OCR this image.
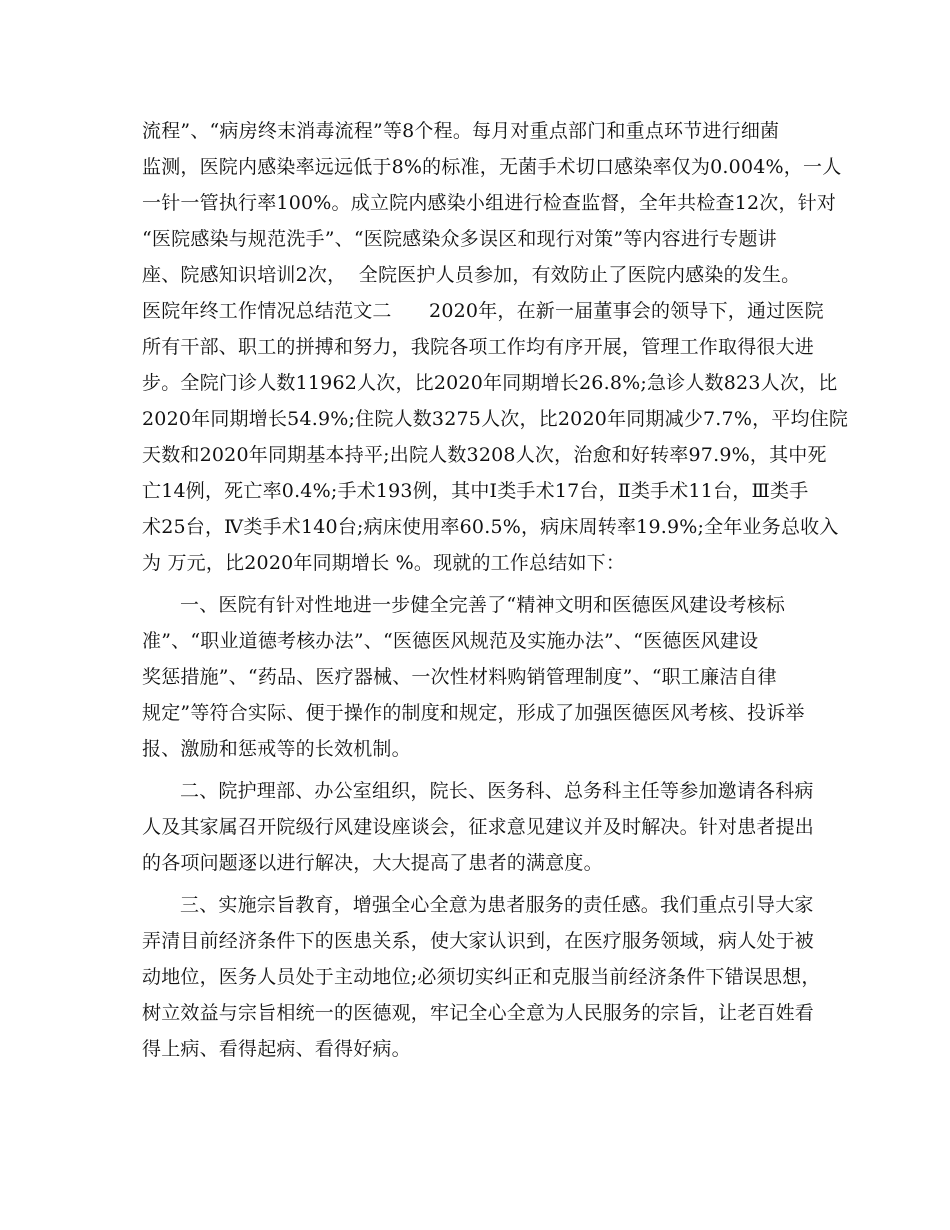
流程”、“病房终末消毒流程”等8个程。每月对重点部门和重点环节进行细菌
监测，医院内感染率远远低于8%的标准，无菌手术切口感染率仅为0.004%，一人
一针一管执行率100%。成立院内感染小组进行检查监督，全年共检查12次，针对
“医院感染与规范洗手”、“医院感染众多误区和现行对策”等内容进行专题讲
座、院感知识培训2次，  全院医护人员参加，有效防止了医院内感染的发生。
医院年终工作情况总结范文二      2020年，在新一届董事会的领导下，通过医院
所有干部、职工的拼搏和努力，我院各项工作均有序开展，管理工作取得很大进
步。全院门诊人数11962人次，比2020年同期增长26.8%;急诊人数823人次，比
2020年同期增长54.9%;住院人数3275人次，比2020年同期减少7.7%，平均住院
天数和2020年同期基本持平;出院人数3208人次，治愈和好转率97.9%，其中死
亡14例，死亡率0.4%;手术193例，其中Ⅰ类手术17台，Ⅱ类手术11台，Ⅲ类手
术25台，Ⅳ类手术140台;病床使用率60.5%，病床周转率19.9%;全年业务总收入
为 万元，比2020年同期增长 %。现就的工作总结如下：
一、医院有针对性地进一步健全完善了“精神文明和医德医风建设考核标
准”、“职业道德考核办法”、“医德医风规范及实施办法”、“医德医风建设
奖惩措施”、“药品、医疗器械、一次性材料购销管理制度”、“职工廉洁自律
规定”等符合实际、便于操作的制度和规定，形成了加强医德医风考核、投诉举
报、激励和惩戒等的长效机制。
二、院护理部、办公室组织，院长、医务科、总务科主任等参加邀请各科病
人及其家属召开院级行风建设座谈会，征求意见建议并及时解决。针对患者提出
的各项问题逐以进行解决，大大提高了患者的满意度。
三、实施宗旨教育，增强全心全意为患者服务的责任感。我们重点引导大家
弄清目前经济条件下的医患关系，使大家认识到，在医疗服务领域，病人处于被
动地位，医务人员处于主动地位;必须切实纠正和克服当前经济条件下错误思想，
树立效益与宗旨相统一的医德观，牢记全心全意为人民服务的宗旨，让老百姓看
得上病、看得起病、看得好病。
